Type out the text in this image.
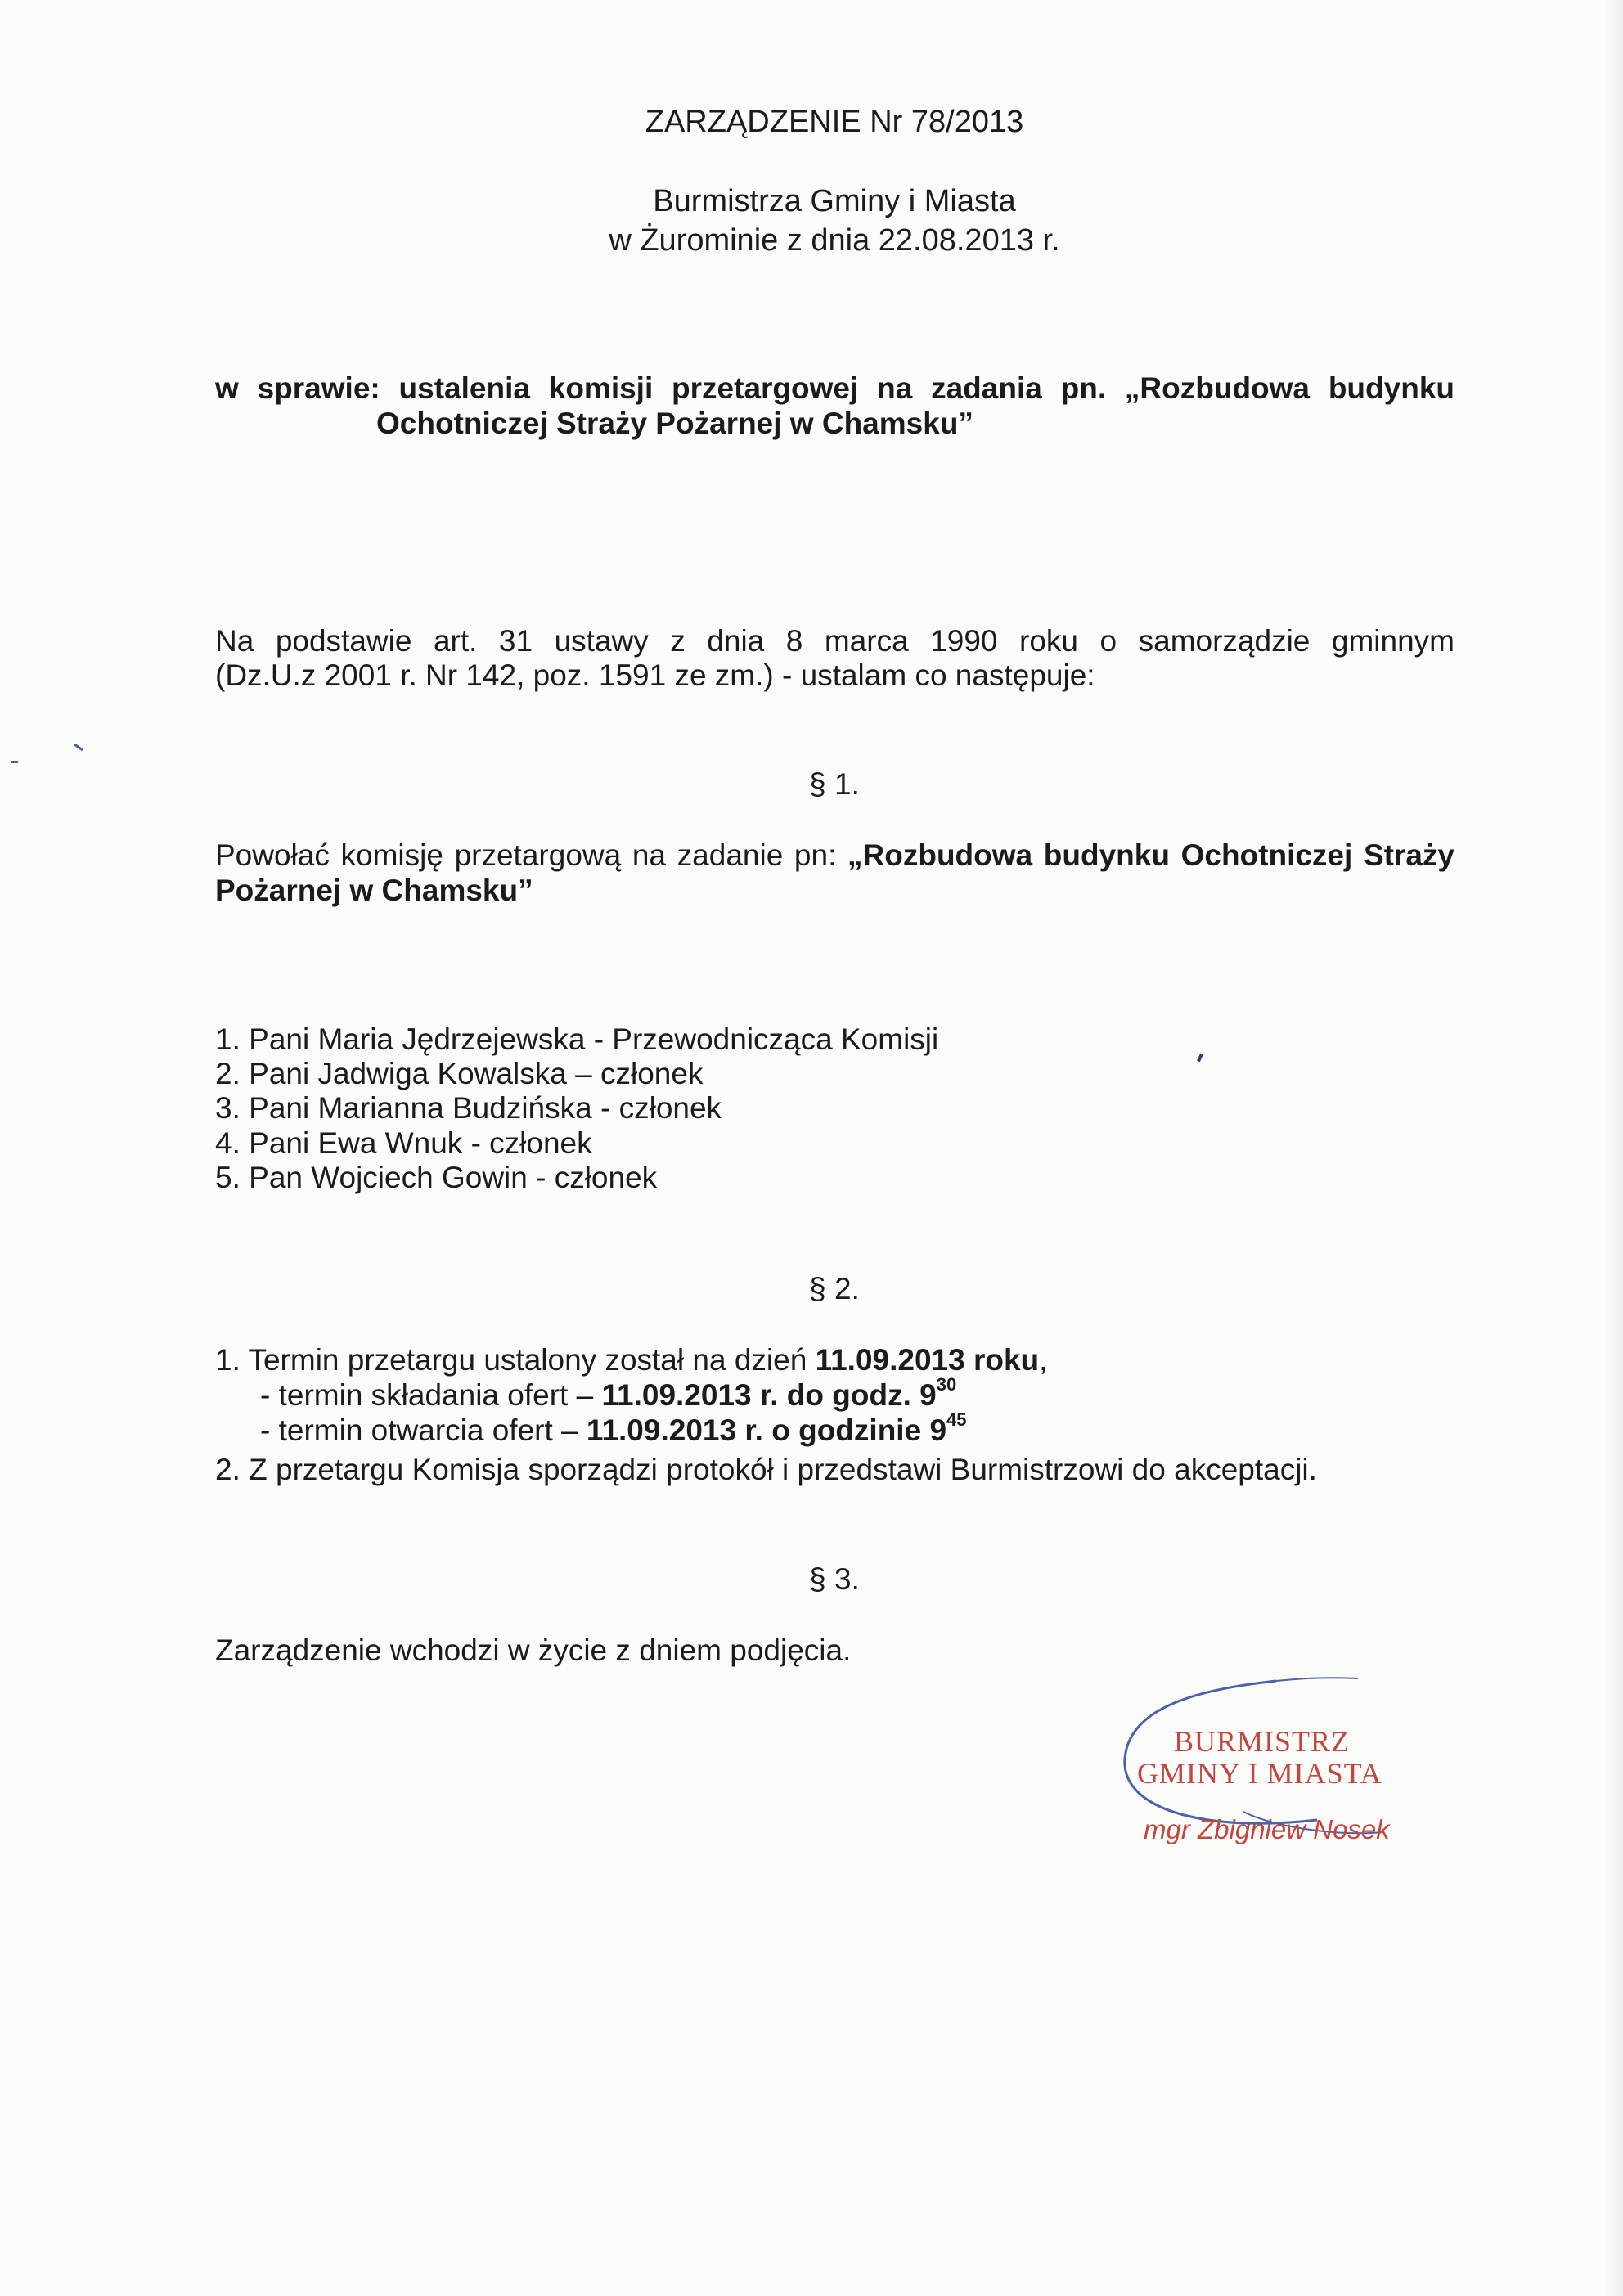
ZARZĄDZENIE Nr 78/2013
Burmistrza Gminy i Miasta
w Żurominie z dnia 22.08.2013 r.
w sprawie: ustalenia komisji przetargowej na zadania pn. „Rozbudowa budynku
Ochotniczej Straży Pożarnej w Chamsku”
Na podstawie art. 31 ustawy z dnia 8 marca 1990 roku o samorządzie gminnym
(Dz.U.z 2001 r. Nr 142, poz. 1591 ze zm.) - ustalam co następuje:
§ 1.
Powołać komisję przetargową na zadanie pn: „Rozbudowa budynku Ochotniczej Straży
Pożarnej w Chamsku”
1. Pani Maria Jędrzejewska - Przewodnicząca Komisji
2. Pani Jadwiga Kowalska – członek
3. Pani Marianna Budzińska - członek
4. Pani Ewa Wnuk - członek
5. Pan Wojciech Gowin - członek
§ 2.
1. Termin przetargu ustalony został na dzień 11.09.2013 roku,
- termin składania ofert – 11.09.2013 r. do godz. $9^{30}$
- termin otwarcia ofert – 11.09.2013 r. o godzinie $9^{45}$
2. Z przetargu Komisja sporządzi protokół i przedstawi Burmistrzowi do akceptacji.
§ 3.
Zarządzenie wchodzi w życie z dniem podjęcia.
BURMISTRZ
GMINY I MIASTA
mgr Zbigniew Nosek
